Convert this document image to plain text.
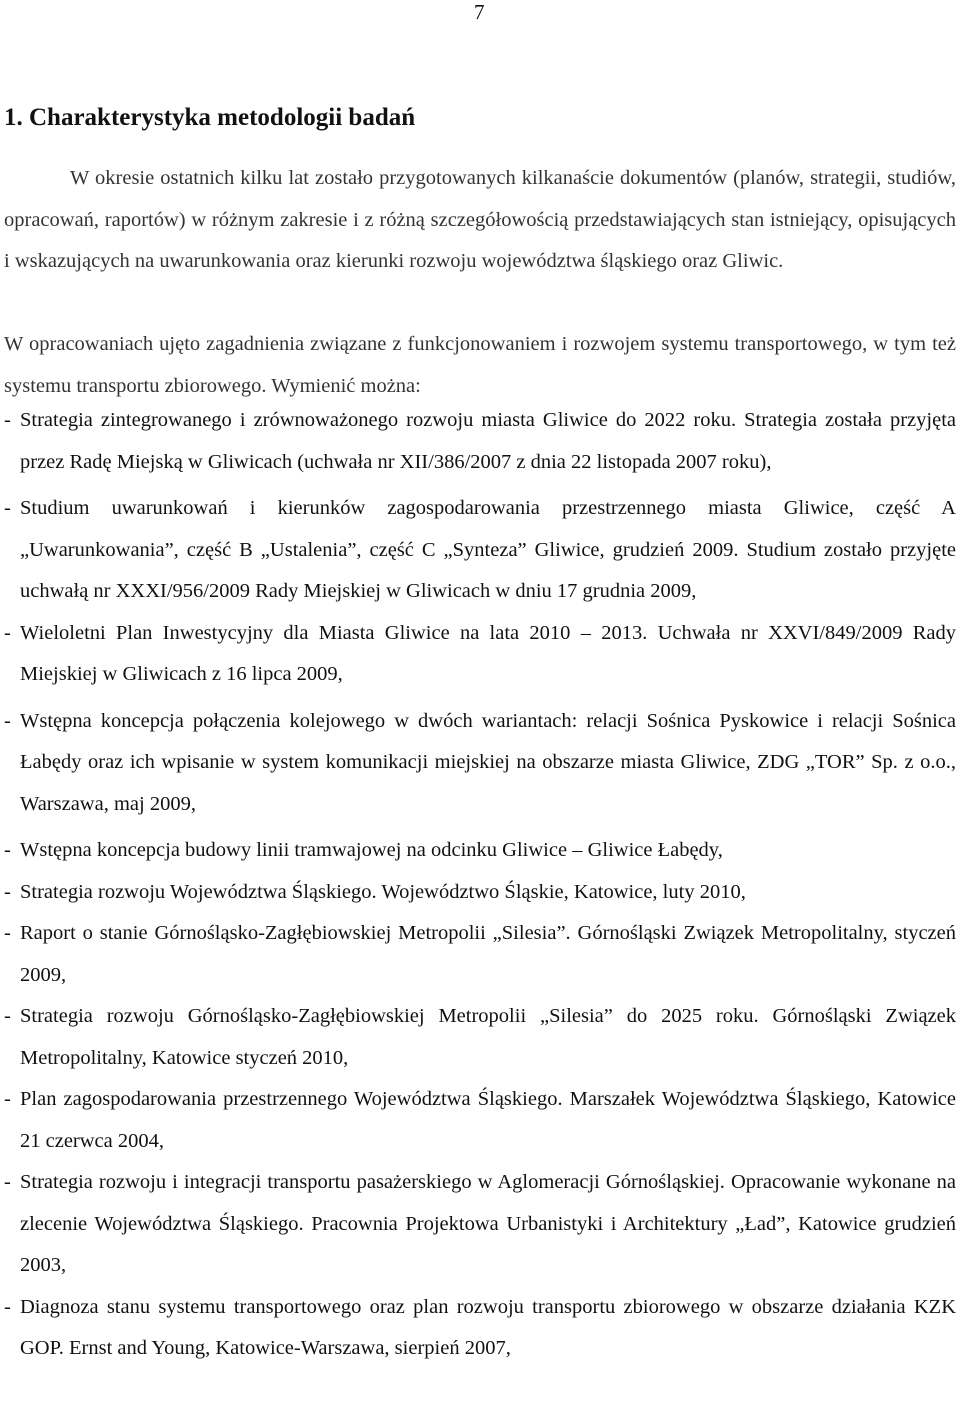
7
1. Charakterystyka metodologii badań

W okresie ostatnich kilku lat zostało przygotowanych kilkanaście dokumentów (planów, strategii, studiów, opracowań, raportów) w różnym zakresie i z różną szczegółowością przedstawiających stan istniejący, opisujących i wskazujących na uwarunkowania oraz kierunki rozwoju województwa śląskiego oraz Gliwic.

W opracowaniach ujęto zagadnienia związane z funkcjonowaniem i rozwojem systemu transportowego, w tym też systemu transportu zbiorowego. Wymienić można:

- Strategia zintegrowanego i zrównoważonego rozwoju miasta Gliwice do 2022 roku. Strategia została przyjęta przez Radę Miejską w Gliwicach (uchwała nr XII/386/2007 z dnia 22 listopada 2007 roku),
- Studium uwarunkowań i kierunków zagospodarowania przestrzennego miasta Gliwice, część A „Uwarunkowania”, część B „Ustalenia”, część C „Synteza” Gliwice, grudzień 2009. Studium zostało przyjęte uchwałą nr XXXI/956/2009 Rady Miejskiej w Gliwicach w dniu 17 grudnia 2009,
- Wieloletni Plan Inwestycyjny dla Miasta Gliwice na lata 2010 – 2013. Uchwała nr XXVI/849/2009 Rady Miejskiej w Gliwicach z 16 lipca 2009,
- Wstępna koncepcja połączenia kolejowego w dwóch wariantach: relacji Sośnica Pyskowice i relacji Sośnica Łabędy oraz ich wpisanie w system komunikacji miejskiej na obszarze miasta Gliwice, ZDG „TOR” Sp. z o.o., Warszawa, maj 2009,
- Wstępna koncepcja budowy linii tramwajowej na odcinku Gliwice – Gliwice Łabędy,
- Strategia rozwoju Województwa Śląskiego. Województwo Śląskie, Katowice, luty 2010,
- Raport o stanie Górnośląsko-Zagłębiowskiej Metropolii „Silesia”. Górnośląski Związek Metropolitalny, styczeń 2009,
- Strategia rozwoju Górnośląsko-Zagłębiowskiej Metropolii „Silesia” do 2025 roku. Górnośląski Związek Metropolitalny, Katowice styczeń 2010,
- Plan zagospodarowania przestrzennego Województwa Śląskiego. Marszałek Województwa Śląskiego, Katowice 21 czerwca 2004,
- Strategia rozwoju i integracji transportu pasażerskiego w Aglomeracji Górnośląskiej. Opracowanie wykonane na zlecenie Województwa Śląskiego. Pracownia Projektowa Urbanistyki i Architektury „Ład”, Katowice grudzień 2003,
- Diagnoza stanu systemu transportowego oraz plan rozwoju transportu zbiorowego w obszarze działania KZK GOP. Ernst and Young, Katowice-Warszawa, sierpień 2007,
